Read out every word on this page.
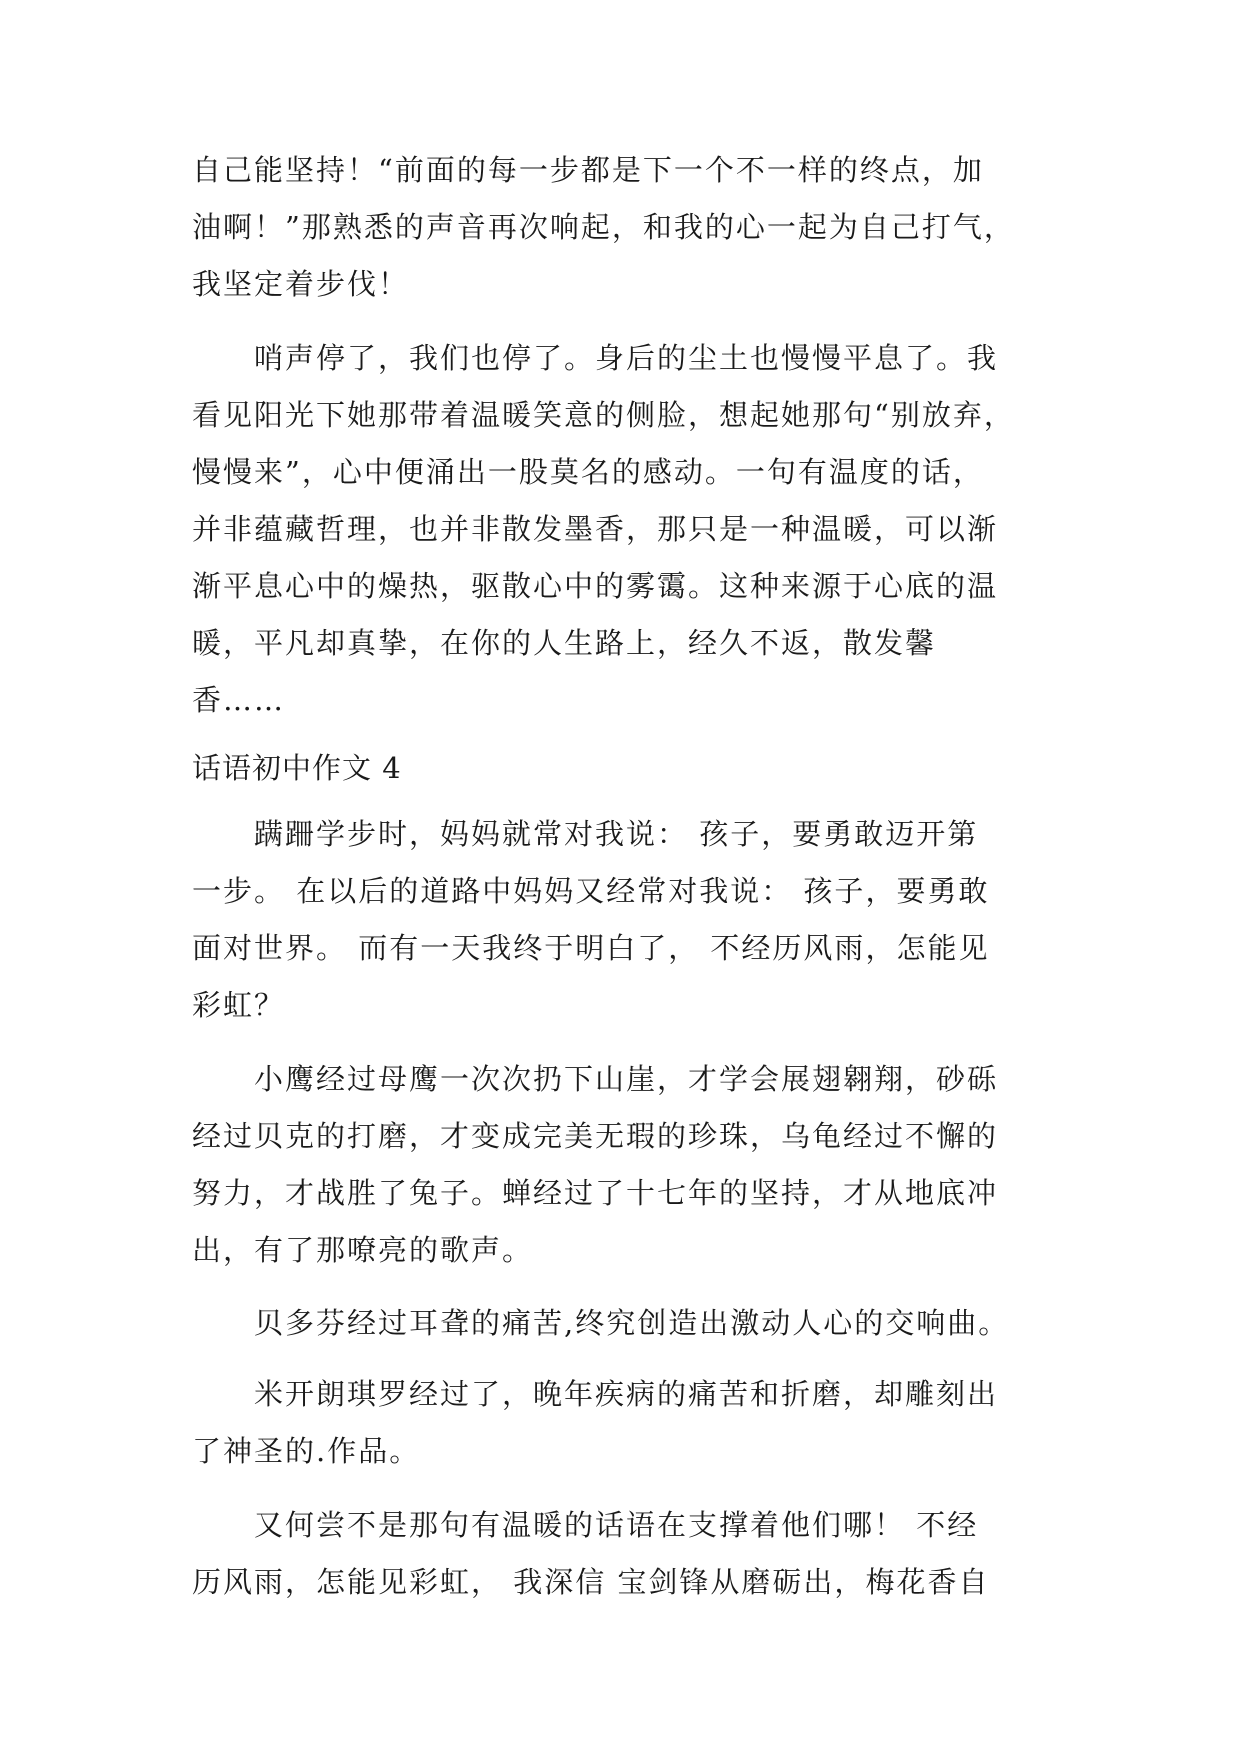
自己能坚持！“前面的每一步都是下一个不一样的终点，加
油啊！”那熟悉的声音再次响起，和我的心一起为自己打气，
我坚定着步伐！
哨声停了，我们也停了。身后的尘土也慢慢平息了。我
看见阳光下她那带着温暖笑意的侧脸，想起她那句“别放弃，
慢慢来”，心中便涌出一股莫名的感动。一句有温度的话，
并非蕴藏哲理，也并非散发墨香，那只是一种温暖，可以渐
渐平息心中的燥热，驱散心中的雾霭。这种来源于心底的温
暖，平凡却真挚，在你的人生路上，经久不返，散发馨
香……
话语初中作文 4
蹒跚学步时，妈妈就常对我说： 孩子，要勇敢迈开第
一步。 在以后的道路中妈妈又经常对我说： 孩子，要勇敢
面对世界。 而有一天我终于明白了， 不经历风雨，怎能见
彩虹？
小鹰经过母鹰一次次扔下山崖，才学会展翅翱翔，砂砾
经过贝克的打磨，才变成完美无瑕的珍珠，乌龟经过不懈的
努力，才战胜了兔子。蝉经过了十七年的坚持，才从地底冲
出，有了那嘹亮的歌声。
贝多芬经过耳聋的痛苦,终究创造出激动人心的交响曲。
米开朗琪罗经过了，晚年疾病的痛苦和折磨，却雕刻出
了神圣的.作品。
又何尝不是那句有温暖的话语在支撑着他们哪！ 不经
历风雨，怎能见彩虹， 我深信 宝剑锋从磨砺出，梅花香自
